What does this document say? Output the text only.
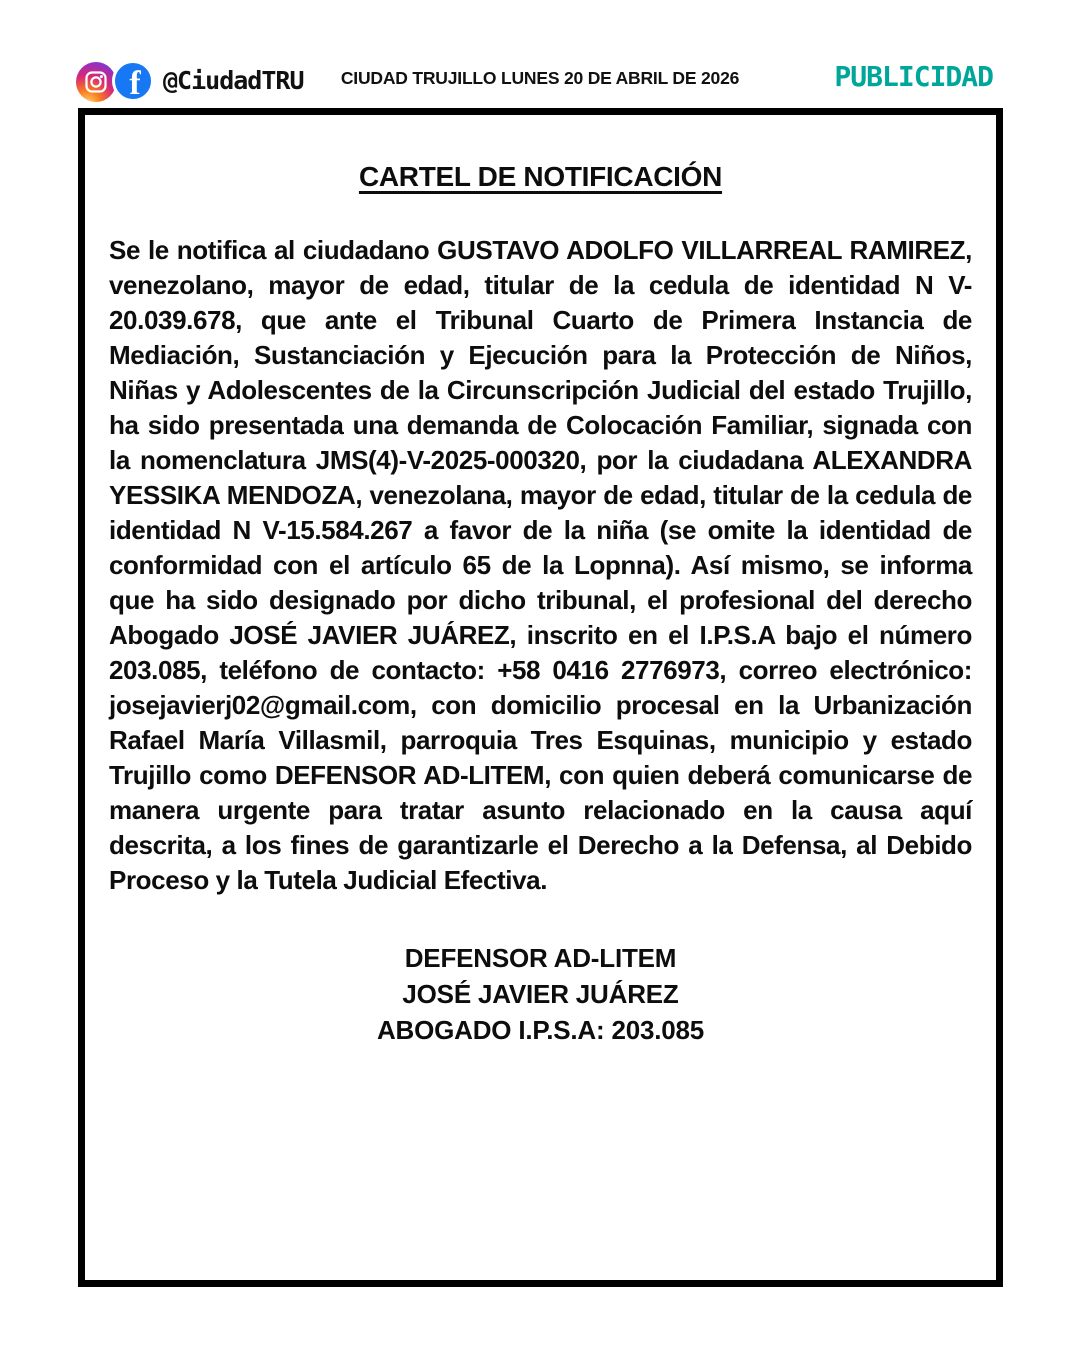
f @CiudadTRU CIUDAD TRUJILLO LUNES 20 DE ABRIL DE 2026	PUBLICIDAD
CARTEL DE NOTIFICACIÓN

Se le notifica al ciudadano GUSTAVO ADOLFO VILLARREAL RAMIREZ, venezolano, mayor de edad, titular de la cedula de identidad N V-20.039.678, que ante el Tribunal Cuarto de Primera Instancia de Mediación, Sustanciación y Ejecución para la Protección de Niños, Niñas y Adolescentes de la Circunscripción Judicial del estado Trujillo, ha sido presentada una demanda de Colocación Familiar, signada con la nomenclatura JMS(4)-V-2025-000320, por la ciudadana ALEXANDRA YESSIKA MENDOZA, venezolana, mayor de edad, titular de la cedula de identidad N V-15.584.267 a favor de la niña (se omite la identidad de conformidad con el artículo 65 de la Lopnna). Así mismo, se informa que ha sido designado por dicho tribunal, el profesional del derecho Abogado JOSÉ JAVIER JUÁREZ, inscrito en el I.P.S.A bajo el número 203.085, teléfono de contacto: +58 0416 2776973, correo electrónico: josejavierj02@gmail.com, con domicilio procesal en la Urbanización Rafael María Villasmil, parroquia Tres Esquinas, municipio y estado Trujillo como DEFENSOR AD-LITEM, con quien deberá comunicarse de manera urgente para tratar asunto relacionado en la causa aquí descrita, a los fines de garantizarle el Derecho a la Defensa, al Debido Proceso y la Tutela Judicial Efectiva.

DEFENSOR AD-LITEM
JOSÉ JAVIER JUÁREZ
ABOGADO I.P.S.A: 203.085
